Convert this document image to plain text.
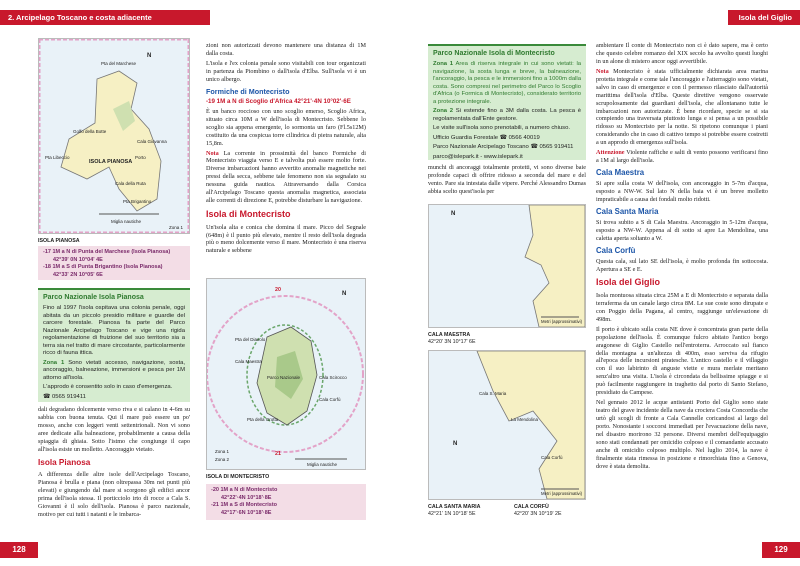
2. Arcipelago Toscano e costa adiacente
ISOLA PIANOSA
Golfo della Botte
Cala Giovanna
Porto
Cala della Ruta
Pta Brigantino
Pta Libeccio
Pta del Marchese
N
Miglia nautiche
Zona 1
ISOLA PIANOSA
-17 1M a N di Punta del Marchese (Isola Pianosa)
42°39' 0N 10°04' 4E
-18 1M a S di Punta Brigantino (Isola Pianosa)
42°33' 2N 10°05' 6E
Parco Nazionale Isola Pianosa

Fino al 1997 l'isola ospitava una colonia penale, oggi abitata da un piccolo presidio militare e guardie del carcere forestale. Pianosa fa parte del Parco Nazionale Arcipelago Toscano e vige una rigida regolamentazione di fruizione del suo territorio sia a terra sia nel tratto di mare circostante, particolarmente ricco di fauna ittica.

Zona 1 Sono vietati accesso, navigazione, sosta, ancoraggio, balneazione, immersioni e pesca per 1M attorno all'isola.

L'approdo è consentito solo in caso d'emergenza.

☎ 0565 919411

dali degradano dolcemente verso riva e si calano in 4-6m su sabbia con buona tenuta. Qui il mare può essere un po' mosso, anche con leggeri venti settentrionali. Non vi sono aree dedicate alla balneazione, probabilmente a causa della spiaggia di ghiaia. Sotto l'istmo che congiunge il capo all'isola esiste un molletto. Ancoraggio vietato.

Isola Pianosa

A differenza delle altre isole dell'Arcipelago Toscano, Pianosa è brulla e piana (non oltrepassa 30m nei punti più elevati) e giungendo dal mare si scorgono gli edifici ancor prima dell'isola stessa. Il porticciolo irto di rocce a Cala S. Giovanni è il solo dell'isola. Pianosa è parco nazionale, motivo per cui tutti i natanti e le imbarca-

zioni non autorizzati devono mantenere una distanza di 1M dalla costa.

L'isola e l'ex colonia penale sono visitabili con tour organizzati in partenza da Piombino o dall'isola d'Elba. Sull'isola vi è un unico albergo.

Formiche di Montecristo
-19 1M a N di Scoglio d'Africa 42°21'·4N 10°02'·6E

È un banco roccioso con uno scoglio emerso, Scoglio Africa, situato circa 10M a W dell'isola di Montecristo. Sebbene lo scoglio sia appena emergente, lo sormonta un faro (Fl.5s12M) costituito da una cospicua torre cilindrica di pietra naturale, alta 15,8m.

Nota La corrente in prossimità del banco Formiche di Montecristo viaggia verso E e talvolta può essere molto forte. Diverse imbarcazioni hanno avvertito anomalie magnetiche nei pressi della secca, sebbene tale fenomeno non sia segnalato su nessuna guida nautica. Attraversando dalla Corsica all'Arcipelago Toscano questa anomalia magnetica, associata alle correnti di direzione E, potrebbe disturbare la navigazione.

Isola di Montecristo

Un'isola alta e conica che domina il mare. Picco del Segnale (648m) è il punto più elevato, mentre il resto dell'isola degrada più o meno dolcemente verso il mare. Montecristo è una riserva naturale e sebbene

N
20
21
Pta del Diavolo
Cala Maestra
Parco Nazionale
Cala Corfù
Cala Scirocco
Pta della Grotta
Zona 1
Zona 2
Miglia nautiche
ISOLA DI MONTECRISTO
-20 1M a N di Montecristo
42°22'·4N 10°18'·8E
-21 1M a S di Montecristo
42°17'·6N 10°18'·8E
128
Isola del Giglio
Parco Nazionale Isola di Montecristo

Zona 1 Area di riserva integrale in cui sono vietati: la navigazione, la sosta lunga e breve, la balneazione, l'ancoraggio, la pesca e le immersioni fino a 1000m dalla costa. Sono compresi nel perimetro del Parco lo Scoglio d'Africa (o Formica di Montecristo), considerato territorio a protezione integrale.

Zona 2 Si estende fino a 3M dalla costa. La pesca è regolamentata dall'Ente gestore.

Le visite sull'isola sono prenotabili, a numero chiuso.

Ufficio Guardia Forestale ☎ 0566 40019

Parco Nazionale Arcipelago Toscano ☎ 0565 919411

parco@islepark.it - www.islepark.it

munchi di ancoraggi totalmente protetti, vi sono diverse baie profonde capaci di offrire ridosso a seconda del mare e del vento. Pare sia intestata dalle vipere. Perché Alessandro Dumas abbia scelto quest'isola per

N
Metri (approssimativi)
CALA MAESTRA
42°20' 3N 10°17' 6E
Cala S. Maria
La Mendolina
Cala Corfù
N
Metri (approssimativi)
CALA SANTA MARIA
42°21' 1N 10°18' 5E
CALA CORFÙ
42°20' 3N 10°19' 2E

ambientare Il conte di Montecristo non ci è dato sapere, ma è certo che questo celebre romanzo del XIX secolo ha avvolto questi luoghi in un alone di mistero ancor oggi avvertibile.

Nota Montecristo è stata ufficialmente dichiarata area marina protetta integrale e come tale l'ancoraggio e l'atterraggio sono vietati, salvo in caso di emergenze e con il permesso rilasciato dall'autorità marittima dell'isola d'Elba. Queste direttive vengono osservate scrupolosamente dai guardiani dell'isola, che allontanano tutte le imbarcazioni non autorizzate. È bene ricordare, specie se si sta compiendo una traversata piuttosto lunga e si pensa a un possibile ridosso su Montecristo per la notte. Si ripetono comunque i piani considerando che in caso di cattivo tempo si potrebbe essere costretti a un approdo di emergenza sull'isola.

Attenzione Violente raffiche e salti di vento possono verificarsi fino a 1M al largo dell'isola.

Cala Maestra

Si apre sulla costa W dell'isola, con ancoraggio in 5-7m d'acqua, esposto a NW-W. Sul lato N della baia vi è un breve molletto impraticabile a causa dei fondali molto ridotti.

Cala Santa Maria

Si trova subito a S di Cala Maestra. Ancoraggio in 5-12m d'acqua, esposto a NW-W. Appena al di sotto si apre La Mendolina, una caletta aperta soltanto a W.

Cala Corfù

Questa cala, sul lato SE dell'isola, è molto profonda fin sottocosta. Apertura a SE e E.

Isola del Giglio

Isola montuosa situata circa 25M a E di Montecristo e separata dalla terraferma da un canale largo circa 8M. Le sue coste sono dirupate e con Poggio della Pagana, al centro, raggiunge un'elevazione di 498m.

Il porto è ubicato sulla costa NE dove è concentrata gran parte della popolazione dell'isola. È comunque fulcro abitato l'antico borgo aragonese di Giglio Castello nell'entroterra. Arroccato sul fianco della montagna a un'altezza di 400m, esso serviva da rifugio all'epoca delle incursioni piratesche. L'antico castello e il villaggio con il suo labirinto di anguste viette e mura merlate meritano senz'altro una visita. L'isola è circondata da bellissime spiagge e si può facilmente raggiungere in traghetto dal porto di Santo Stefano, presidiato da Campese.

Nel gennaio 2012 le acque antistanti Porto del Giglio sono state teatro del grave incidente della nave da crociera Costa Concordia che urtò gli scogli di fronte a Cala Cannelle coricandosi al largo del porto. Nonostante i soccorsi immediati per l'evacuazione della nave, nel disastro morirono 32 persone. Diversi membri dell'equipaggio sono stati condannati per omicidio colposo e il comandante accusato anche di omicidio colposo multiplo. Nel luglio 2014, la nave è finalmente stata rimessa in posizione e rimorchiata fino a Genova, dove è stata demolita.

129
